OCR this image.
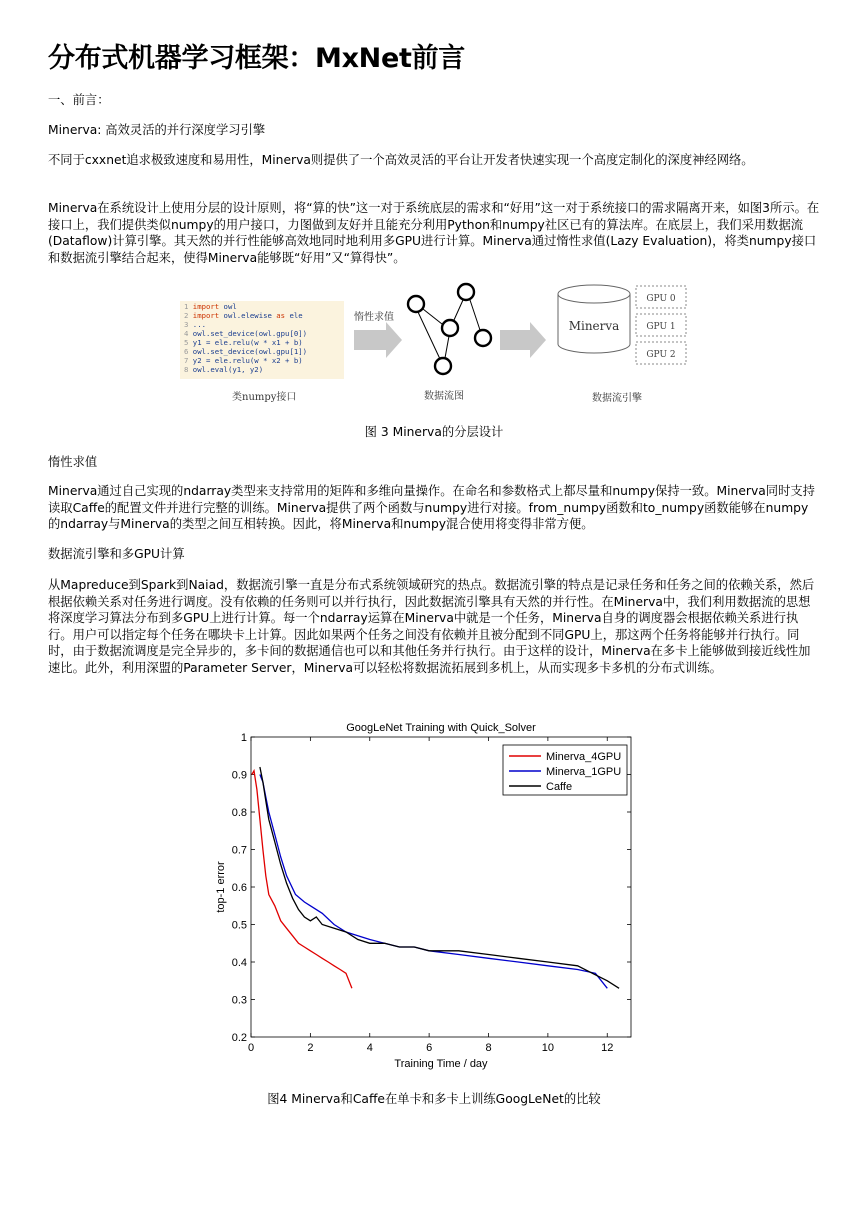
分布式机器学习框架：MxNet前言

一、前言：

Minerva: 高效灵活的并行深度学习引擎

不同于cxxnet追求极致速度和易用性，Minerva则提供了一个高效灵活的平台让开发者快速实现一个高度定制化的深度神经网络。

Minerva在系统设计上使用分层的设计原则，将“算的快”这一对于系统底层的需求和“好用”这一对于系统接口的需求隔离开来，如图3所示。在接口上，我们提供类似numpy的用户接口，力图做到友好并且能充分利用Python和numpy社区已有的算法库。在底层上，我们采用数据流(Dataflow)计算引擎。其天然的并行性能够高效地同时地利用多GPU进行计算。Minerva通过惰性求值(Lazy Evaluation)，将类numpy接口和数据流引擎结合起来，使得Minerva能够既“好用”又“算得快”。

1 import owl
2 import owl.elewise as ele
3 ...
4 owl.set_device(owl.gpu[0])
5 y1 = ele.relu(w * x1 + b)
6 owl.set_device(owl.gpu[1])
7 y2 = ele.relu(w * x2 + b)
8 owl.eval(y1, y2)
类numpy接口
惰性求值
数据流图
Minerva
GPU 0
GPU 1
GPU 2
数据流引擎

图 3 Minerva的分层设计

惰性求值

Minerva通过自己实现的ndarray类型来支持常用的矩阵和多维向量操作。在命名和参数格式上都尽量和numpy保持一致。Minerva同时支持读取Caffe的配置文件并进行完整的训练。Minerva提供了两个函数与numpy进行对接。from_numpy函数和to_numpy函数能够在numpy的ndarray与Minerva的类型之间互相转换。因此，将Minerva和numpy混合使用将变得非常方便。

数据流引擎和多GPU计算

从Mapreduce到Spark到Naiad，数据流引擎一直是分布式系统领域研究的热点。数据流引擎的特点是记录任务和任务之间的依赖关系，然后根据依赖关系对任务进行调度。没有依赖的任务则可以并行执行，因此数据流引擎具有天然的并行性。在Minerva中，我们利用数据流的思想将深度学习算法分布到多GPU上进行计算。每一个ndarray运算在Minerva中就是一个任务，Minerva自身的调度器会根据依赖关系进行执行。用户可以指定每个任务在哪块卡上计算。因此如果两个任务之间没有依赖并且被分配到不同GPU上，那这两个任务将能够并行执行。同时，由于数据流调度是完全异步的，多卡间的数据通信也可以和其他任务并行执行。由于这样的设计，Minerva在多卡上能够做到接近线性加速比。此外，利用深盟的Parameter Server，Minerva可以轻松将数据流拓展到多机上，从而实现多卡多机的分布式训练。

GoogLeNet Training with Quick_Solver
Training Time / day
top-1 error
0	2	4	6	8	10	12
0.2
0.3
0.4
0.5
0.6
0.7
0.8
0.9
1
Minerva_4GPU
Minerva_1GPU
Caffe

图4 Minerva和Caffe在单卡和多卡上训练GoogLeNet的比较
